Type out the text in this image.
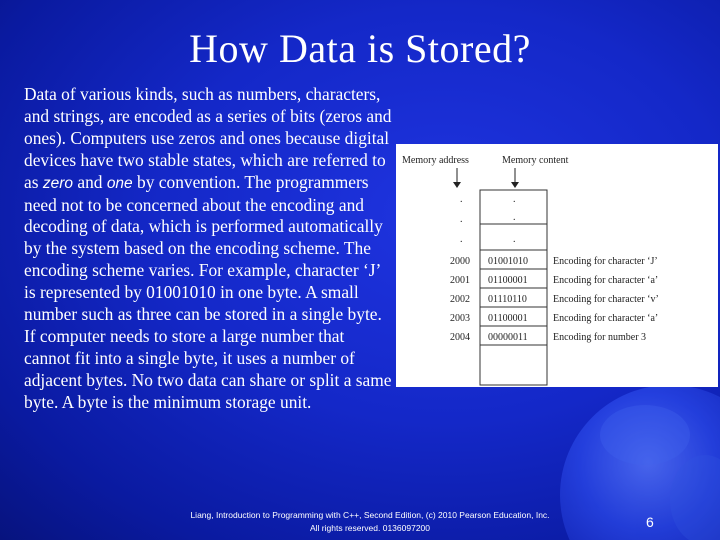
How Data is Stored?
Data of various kinds, such as numbers, characters, and strings, are encoded as a series of bits (zeros and ones). Computers use zeros and ones because digital devices have two stable states, which are referred to as zero and one by convention. The programmers need not to be concerned about the encoding and decoding of data, which is performed automatically by the system based on the encoding scheme. The encoding scheme varies. For example, character ‘J’ is represented by 01001010 in one byte. A small number such as three can be stored in a single byte. If computer needs to store a large number that cannot fit into a single byte, it uses a number of adjacent bytes. No two data can share or split a same byte. A byte is the minimum storage unit.
Memory address	Memory content
.
.
.
.
.
.
2000 01001010	Encoding for character ‘J’
2001 01100001	Encoding for character ‘a’
2002 01110110	Encoding for character ‘v’
2003 01100001	Encoding for character ‘a’
2004 00000011	Encoding for number 3
Liang, Introduction to Programming with C++, Second Edition, (c) 2010 Pearson Education, Inc.
All rights reserved. 0136097200	6
